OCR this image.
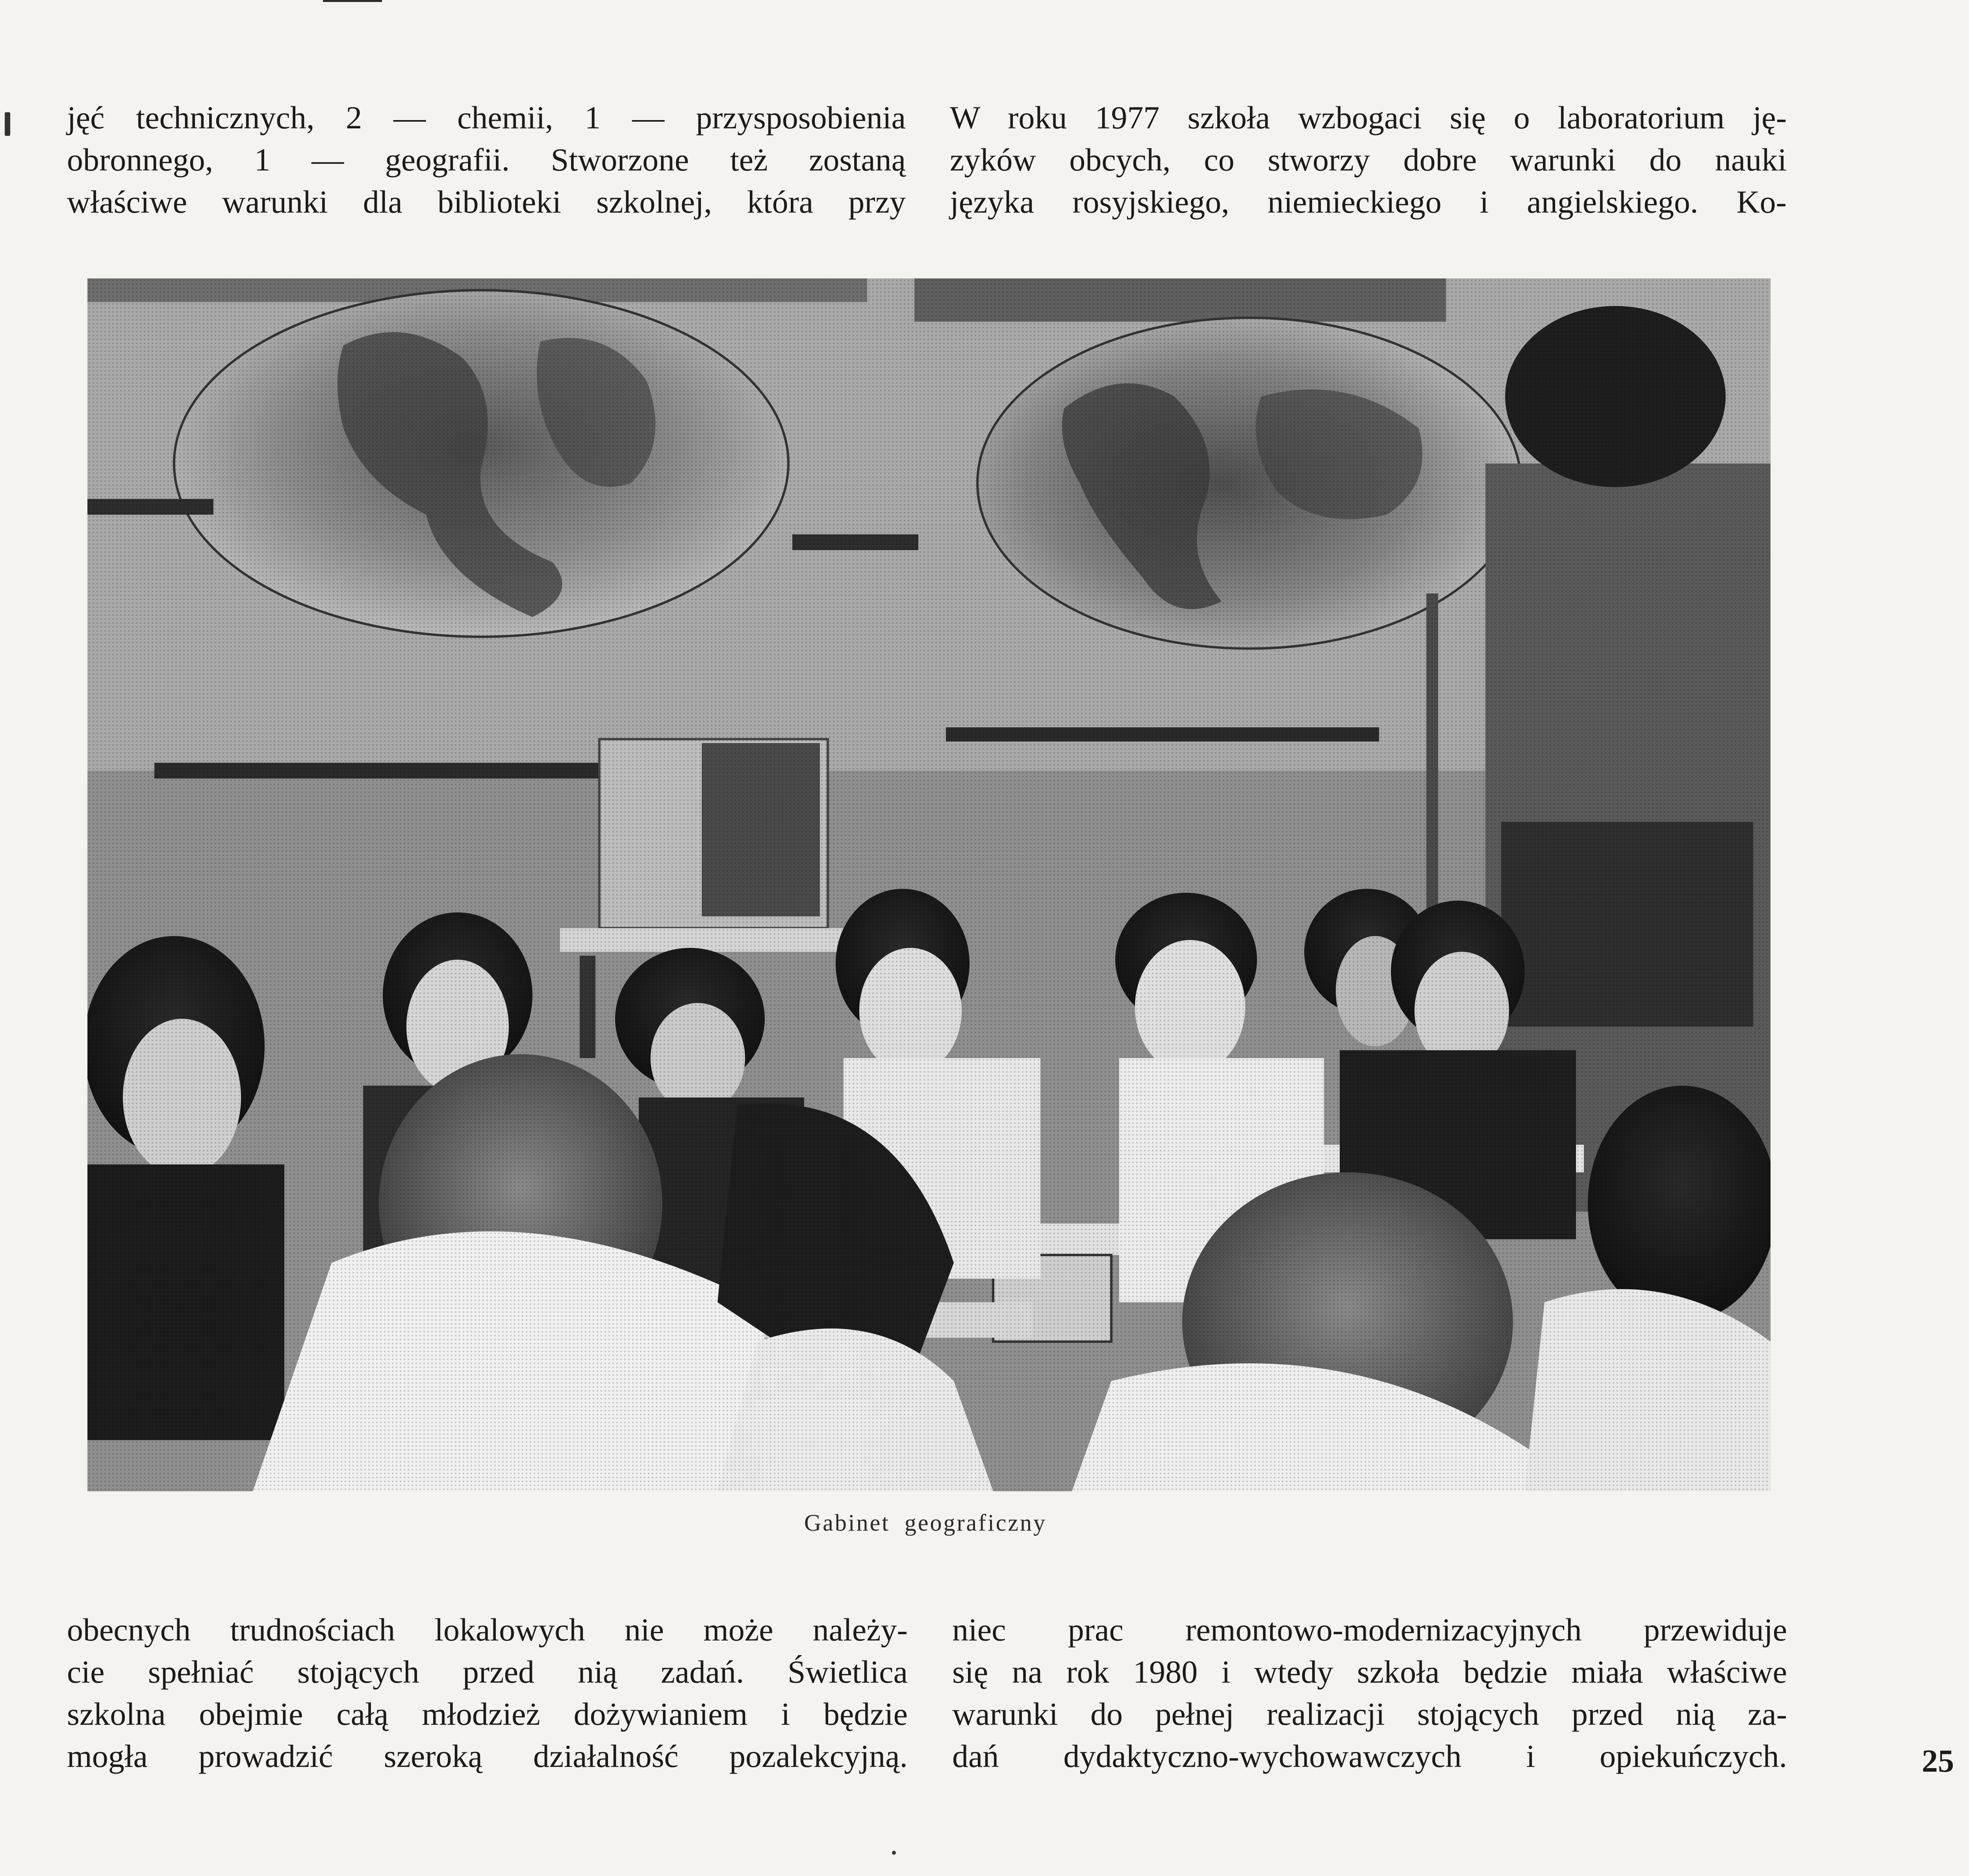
jęć technicznych, 2 — chemii, 1 — przysposobienia
obronnego, 1 — geografii. Stworzone też zostaną
właściwe warunki dla biblioteki szkolnej, która przy
W roku 1977 szkoła wzbogaci się o laboratorium ję-
zyków obcych, co stworzy dobre warunki do nauki
języka rosyjskiego, niemieckiego i angielskiego. Ko-
Gabinet geograficzny
obecnych trudnościach lokalowych nie może należy-
cie spełniać stojących przed nią zadań. Świetlica
szkolna obejmie całą młodzież dożywianiem i będzie
mogła prowadzić szeroką działalność pozalekcyjną.
niec prac remontowo-modernizacyjnych przewiduje
się na rok 1980 i wtedy szkoła będzie miała właściwe
warunki do pełnej realizacji stojących przed nią za-
dań dydaktyczno-wychowawczych i opiekuńczych.	25
